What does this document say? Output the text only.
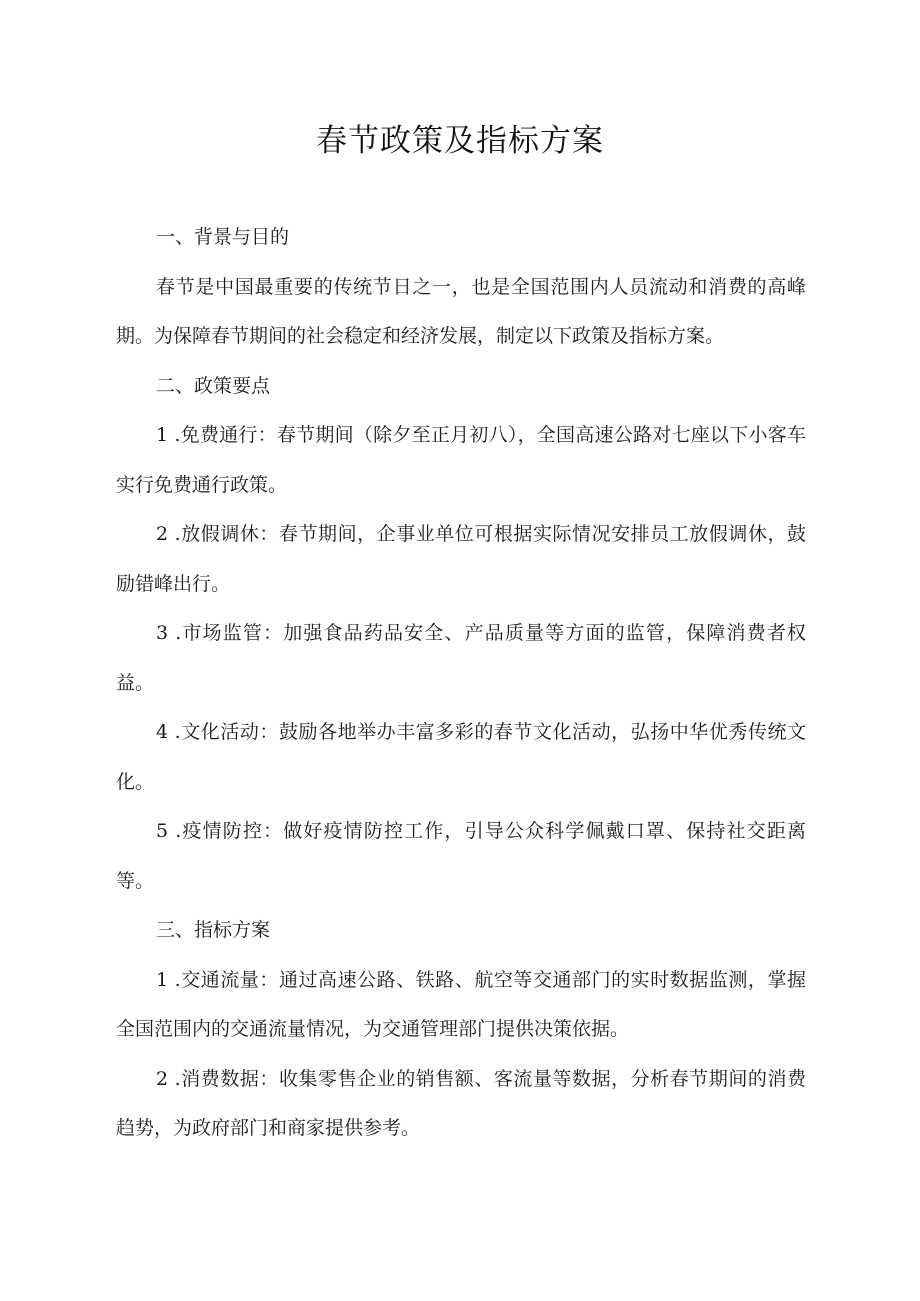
春节政策及指标方案

一、背景与目的

春节是中国最重要的传统节日之一，也是全国范围内人员流动和消费的高峰期。为保障春节期间的社会稳定和经济发展，制定以下政策及指标方案。

二、政策要点

1 .免费通行：春节期间（除夕至正月初八），全国高速公路对七座以下小客车实行免费通行政策。

2 .放假调休：春节期间，企事业单位可根据实际情况安排员工放假调休，鼓励错峰出行。

3 .市场监管：加强食品药品安全、产品质量等方面的监管，保障消费者权益。

4 .文化活动：鼓励各地举办丰富多彩的春节文化活动，弘扬中华优秀传统文化。

5 .疫情防控：做好疫情防控工作，引导公众科学佩戴口罩、保持社交距离等。

三、指标方案

1 .交通流量：通过高速公路、铁路、航空等交通部门的实时数据监测，掌握全国范围内的交通流量情况，为交通管理部门提供决策依据。

2 .消费数据：收集零售企业的销售额、客流量等数据，分析春节期间的消费趋势，为政府部门和商家提供参考。
